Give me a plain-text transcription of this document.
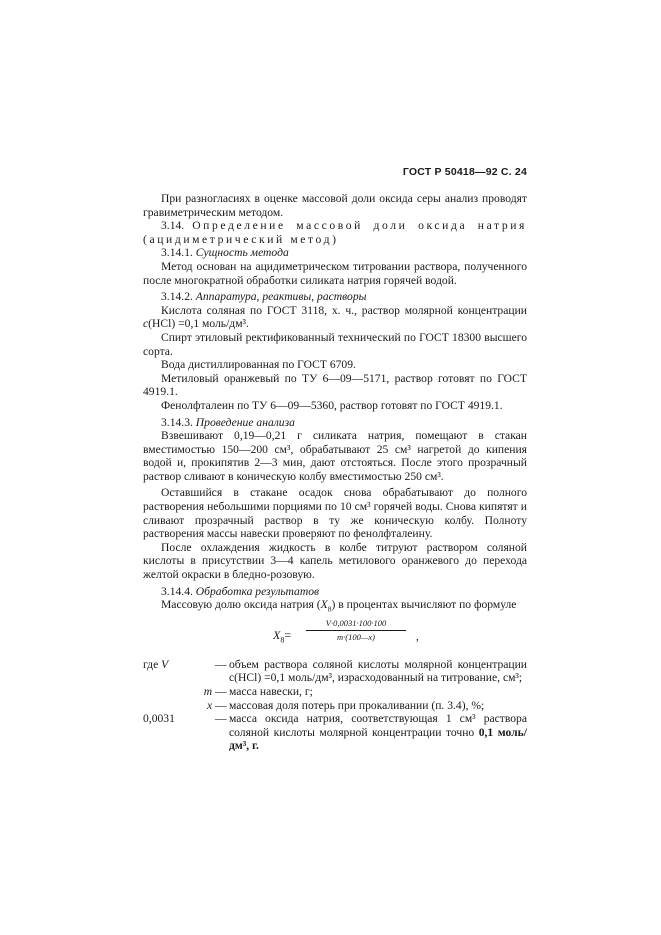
ГОСТ Р 50418—92 С. 24

При разногласиях в оценке массовой доли оксида серы анализ проводят гравиметрическим методом.

3.14. Определение массовой доли оксида натрия (ацидиметрический метод)

3.14.1. Сущность метода

Метод основан на ацидиметрическом титровании раствора, полученного после многократной обработки силиката натрия горячей водой.

3.14.2. Аппаратура, реактивы, растворы

Кислота соляная по ГОСТ 3118, х. ч., раствор молярной концентрации c(HCl) =0,1 моль/дм³.

Спирт этиловый ректификованный технический по ГОСТ 18300 высшего сорта.

Вода дистиллированная по ГОСТ 6709.

Метиловый оранжевый по ТУ 6—09—5171, раствор готовят по ГОСТ 4919.1.

Фенолфталеин по ТУ 6—09—5360, раствор готовят по ГОСТ 4919.1.

3.14.3. Проведение анализа

Взвешивают 0,19—0,21 г силиката натрия, помещают в стакан вместимостью 150—200 см³, обрабатывают 25 см³ нагретой до кипения водой и, прокипятив 2—3 мин, дают отстояться. После этого прозрачный раствор сливают в коническую колбу вместимостью 250 см³.

Оставшийся в стакане осадок снова обрабатывают до полного растворения небольшими порциями по 10 см³ горячей воды. Снова кипятят и сливают прозрачный раствор в ту же коническую колбу. Полноту растворения массы навески проверяют по фенолфталеину.

После охлаждения жидкость в колбе титруют раствором соляной кислоты в присутствии 3—4 капель метилового оранжевого до перехода желтой окраски в бледно-розовую.

3.14.4. Обработка результатов

Массовую долю оксида натрия $(X_8)$ в процентах вычисляют по формуле

$X_8= \frac{V\cdot 0,0031\cdot 100\cdot 100}{m\cdot(100—x)}$ ,
где V	— объем раствора соляной кислоты молярной концентрации c(HCl) =0,1 моль/дм³, израсходованный на титрование, см³;
m — масса навески, г;
x — массовая доля потерь при прокаливании (п. 3.4), %;
0,0031	— масса оксида натрия, соответствующая 1 см³ раствора соляной кислоты молярной концентрации точно 0,1 моль/дм³, г.
